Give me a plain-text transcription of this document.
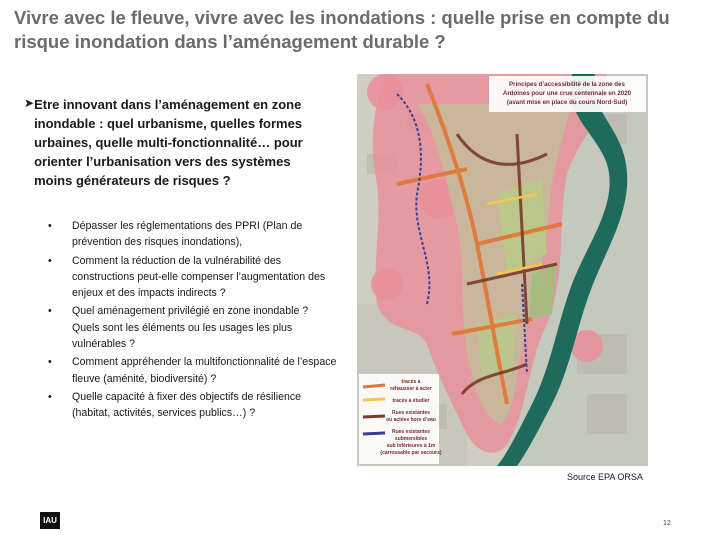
Vivre avec le fleuve, vivre avec les inondations : quelle prise en compte du risque inondation dans l’aménagement durable ?
➤ Etre innovant dans l’aménagement en zone inondable : quel urbanisme, quelles formes urbaines, quelle multi-fonctionnalité… pour orienter l’urbanisation vers des systèmes moins générateurs de risques ?
•	Dépasser les réglementations des PPRI (Plan de prévention des risques inondations),
•	Comment la réduction de la vulnérabilité des constructions peut-elle compenser l’augmentation des enjeux et des impacts indirects ?
•	Quel aménagement privilégié en zone inondable ? Quels sont les éléments ou les usages les plus vulnérables ?
•	Comment appréhender la multifonctionnalité de l’espace fleuve (aménité, biodiversité) ?
•	Quelle capacité à fixer des objectifs de résilience (habitat, activités, services publics…) ?
Principes d’accessibilité de la zone des
Ardoines pour une crue centennale en 2020
(avant mise en place du cours Nord-Sud)
tracés à
réhausser à acter
tracés à étudier
Rues existantes
ou actées hors d’eau
Rues existantes
submersibles
sub inférieures à 1m
(carrossable par secours)
Source EPA ORSA
IAU	12
